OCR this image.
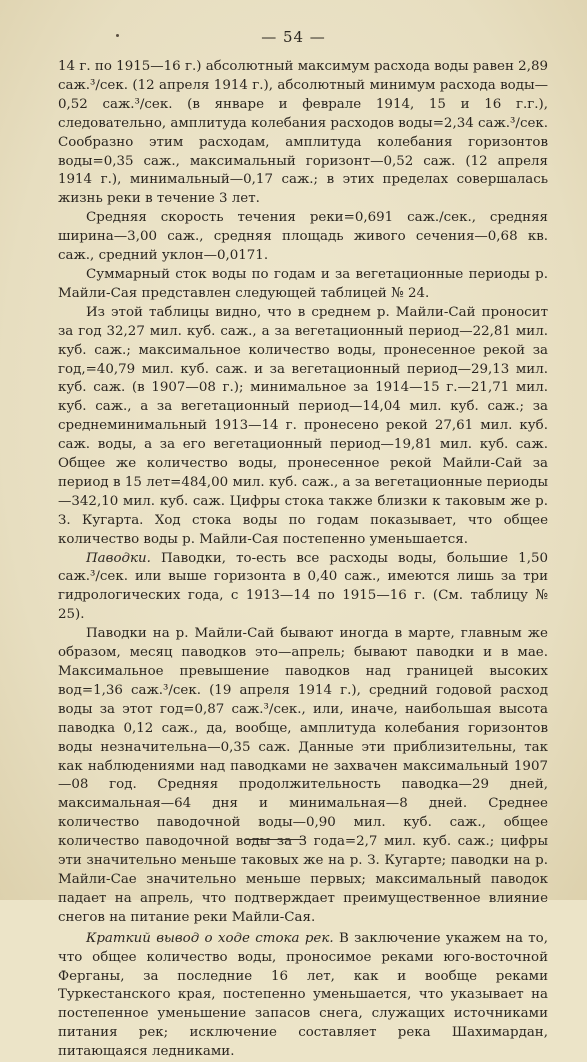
— 54 —

14 г. по 1915—16 г.) абсолютный максимум расхода воды равен 2,89 саж.³/сек. (12 апреля 1914 г.), абсолютный минимум расхода воды—0,52 саж.³/сек. (в январе и феврале 1914, 15 и 16 г.г.), следовательно, амплитуда колебания расходов воды=2,34 саж.³/сек. Сообразно этим расходам, амплитуда колебания горизонтов воды=0,35 саж., максимальный горизонт—0,52 саж. (12 апреля 1914 г.), минимальный—0,17 саж.; в этих пределах совершалась жизнь реки в течение 3 лет.

Средняя скорость течения реки=0,691 саж./сек., средняя ширина—3,00 саж., средняя площадь живого сечения—0,68 кв. саж., средний уклон—0,0171.

Суммарный сток воды по годам и за вегетационные периоды р. Майли-Сая представлен следующей таблицей № 24.

Из этой таблицы видно, что в среднем р. Майли-Сай проносит за год 32,27 мил. куб. саж., а за вегетационный период—22,81 мил. куб. саж.; максимальное количество воды, пронесенное рекой за год,=40,79 мил. куб. саж. и за вегетационный период—29,13 мил. куб. саж. (в 1907—08 г.); минимальное за 1914—15 г.—21,71 мил. куб. саж., а за вегетационный период—14,04 мил. куб. саж.; за среднеминимальный 1913—14 г. пронесено рекой 27,61 мил. куб. саж. воды, а за его вегетационный период—19,81 мил. куб. саж. Общее же количество воды, пронесенное рекой Майли-Сай за период в 15 лет=484,00 мил. куб. саж., а за вегетационные периоды—342,10 мил. куб. саж. Цифры стока также близки к таковым же р. З. Кугарта. Ход стока воды по годам показывает, что общее количество воды р. Майли-Сая постепенно уменьшается.

Паводки. Паводки, то-есть все расходы воды, большие 1,50 саж.³/сек. или выше горизонта в 0,40 саж., имеются лишь за три гидрологических года, с 1913—14 по 1915—16 г. (См. таблицу № 25).

Паводки на р. Майли-Сай бывают иногда в марте, главным же образом, месяц паводков это—апрель; бывают паводки и в мае. Максимальное превышение паводков над границей высоких вод=1,36 саж.³/сек. (19 апреля 1914 г.), средний годовой расход воды за этот год=0,87 саж.³/сек., или, иначе, наибольшая высота паводка 0,12 саж., да, вообще, амплитуда колебания горизонтов воды незначительна—0,35 саж. Данные эти приблизительны, так как наблюдениями над паводками не захвачен максимальный 1907—08 год. Средняя продолжительность паводка—29 дней, максимальная—64 дня и минимальная—8 дней. Среднее количество паводочной воды—0,90 мил. куб. саж., общее количество паводочной воды за 3 года=2,7 мил. куб. саж.; цифры эти значительно меньше таковых же на р. З. Кугарте; паводки на р. Майли-Сае значительно меньше первых; максимальный паводок падает на апрель, что подтверждает преимущественное влияние снегов на питание реки Майли-Сая.

Краткий вывод о ходе стока рек. В заключение укажем на то, что общее количество воды, проносимое реками юго-восточной Ферганы, за последние 16 лет, как и вообще реками Туркестанского края, постепенно уменьшается, что указывает на постепенное уменьшение запасов снега, служащих источниками питания рек; исключение составляет река Шахимардан, питающаяся ледниками.
